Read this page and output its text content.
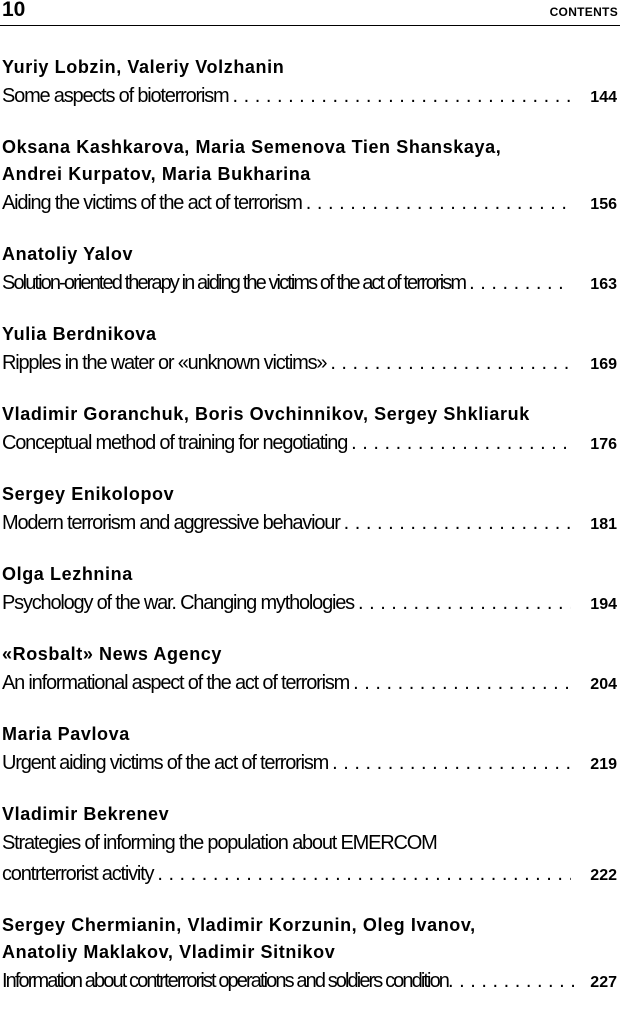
10	CONTENTS
Yuriy Lobzin, Valeriy Volzhanin
Some aspects of bioterrorism . . .	144
Oksana Kashkarova, Maria Semenova Tien Shanskaya,
Andrei Kurpatov, Maria Bukharina
Aiding the victims of the act of terrorism . . .	156
Anatoliy Yalov
Solution-oriented therapy in aiding the victims of the act of terrorism . . .	163
Yulia Berdnikova
Ripples in the water or «unknown victims» . . .	169
Vladimir Goranchuk, Boris Ovchinnikov, Sergey Shkliaruk
Conceptual method of training for negotiating . . .	176
Sergey Enikolopov
Modern terrorism and aggressive behaviour . . .	181
Olga Lezhnina
Psychology of the war. Changing mythologies . . .	194
«Rosbalt» News Agency
An informational aspect of the act of terrorism . . .	204
Maria Pavlova
Urgent aiding victims of the act of terrorism . . .	219
Vladimir Bekrenev
Strategies of informing the population about EMERCOM
contrterrorist activity . . .	222
Sergey Chermianin, Vladimir Korzunin, Oleg Ivanov,
Anatoliy Maklakov, Vladimir Sitnikov
Information about contrterrorist operations and soldiers condition . . .	227
